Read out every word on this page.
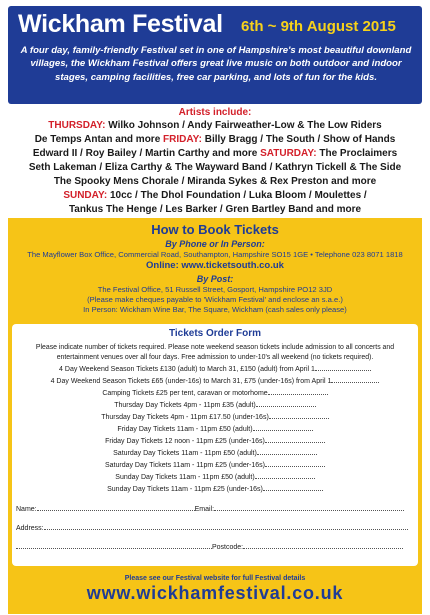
Wickham Festival 6th ~ 9th August 2015
A four day, family-friendly Festival set in one of Hampshire's most beautiful downland villages, the Wickham Festival offers great live music on both outdoor and indoor stages, camping facilities, free car parking, and lots of fun for the kids.
Artists include:
THURSDAY: Wilko Johnson / Andy Fairweather-Low & The Low Riders
De Temps Antan and more FRIDAY: Billy Bragg / The South / Show of Hands
Edward II / Roy Bailey / Martin Carthy and more SATURDAY: The Proclaimers
Seth Lakeman / Eliza Carthy & The Wayward Band / Kathryn Tickell & The Side
The Spooky Mens Chorale / Miranda Sykes & Rex Preston and more
SUNDAY: 10cc / The Dhol Foundation / Luka Bloom / Moulettes /
Tankus The Henge / Les Barker / Gren Bartley Band and more
How to Book Tickets
By Phone or In Person:
The Mayflower Box Office, Commercial Road, Southampton, Hampshire SO15 1GE • Telephone 023 8071 1818
Online: www.ticketsouth.co.uk
By Post:
The Festival Office, 51 Russell Street, Gosport, Hampshire PO12 3JD
(Please make cheques payable to 'Wickham Festival' and enclose an s.a.e.)
In Person: Wickham Wine Bar, The Square, Wickham (cash sales only please)
Please see our Festival website for full Festival details
www.wickhamfestival.co.uk
Tickets Order Form
Please indicate number of tickets required. Please note weekend season tickets include admission to all concerts and entertainment venues over all four days. Free admission to under-10's all weekend (no tickets required).
4 Day Weekend Season Tickets £130 (adult) to March 31, £150 (adult) from April 1
4 Day Weekend Season Tickets £65 (under-16s) to March 31, £75 (under-16s) from April 1
Camping Tickets £25 per tent, caravan or motorhome
Thursday Day Tickets 4pm - 11pm £35 (adult)
Thursday Day Tickets 4pm - 11pm £17.50 (under-16s)
Friday Day Tickets 11am - 11pm £50 (adult)
Friday Day Tickets 12 noon - 11pm £25 (under-16s)
Saturday Day Tickets 11am - 11pm £50 (adult)
Saturday Day Tickets 11am - 11pm £25 (under-16s)
Sunday Day Tickets 11am - 11pm £50 (adult)
Sunday Day Tickets 11am - 11pm £25 (under-16s)
Name:	Email:
Address:
Postcode:
